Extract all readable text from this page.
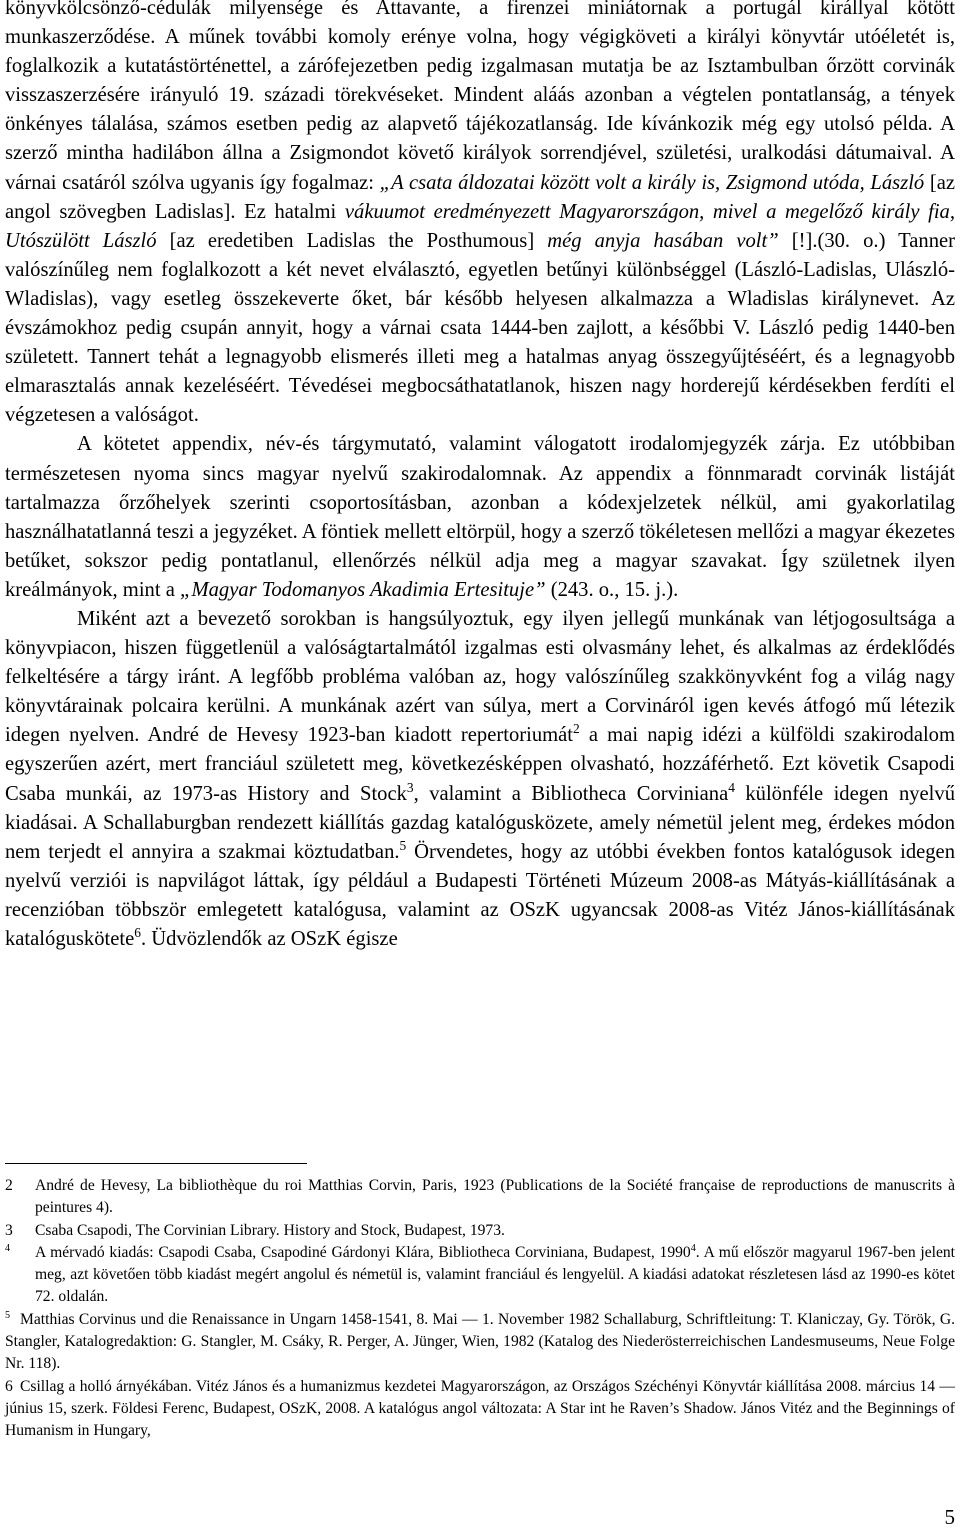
könyvkölcsönző-cédulák milyensége és Attavante, a firenzei miniátornak a portugál királlyal kötött munkaszerződése. A műnek további komoly erénye volna, hogy végigköveti a királyi könyvtár utóéletét is, foglalkozik a kutatástörténettel, a zárófejezetben pedig izgalmasan mutatja be az Isztambulban őrzött corvinák visszaszerzésére irányuló 19. századi törekvéseket. Mindent aláás azonban a végtelen pontatlanság, a tények önkényes tálalása, számos esetben pedig az alapvető tájékozatlanság. Ide kívánkozik még egy utolsó példa. A szerző mintha hadilábon állna a Zsigmondot követő királyok sorrendjével, születési, uralkodási dátumaival. A várnai csatáról szólva ugyanis így fogalmaz: „A csata áldozatai között volt a király is, Zsigmond utóda, László [az angol szövegben Ladislas]. Ez hatalmi vákuumot eredményezett Magyarországon, mivel a megelőző király fia, Utószülött László [az eredetiben Ladislas the Posthumous] még anyja hasában volt” [!].(30. o.) Tanner valószínűleg nem foglalkozott a két nevet elválasztó, egyetlen betűnyi különbséggel (László-Ladislas, Ulászló-Wladislas), vagy esetleg összekeverte őket, bár később helyesen alkalmazza a Wladislas királynevet. Az évszámokhoz pedig csupán annyit, hogy a várnai csata 1444-ben zajlott, a későbbi V. László pedig 1440-ben született. Tannert tehát a legnagyobb elismerés illeti meg a hatalmas anyag összegyűjtéséért, és a legnagyobb elmarasztalás annak kezeléséért. Tévedései megbocsáthatatlanok, hiszen nagy horderejű kérdésekben ferdíti el végzetesen a valóságot.

A kötetet appendix, név-és tárgymutató, valamint válogatott irodalomjegyzék zárja. Ez utóbbiban természetesen nyoma sincs magyar nyelvű szakirodalomnak. Az appendix a fönnmaradt corvinák listáját tartalmazza őrzőhelyek szerinti csoportosításban, azonban a kódexjelzetek nélkül, ami gyakorlatilag használhatatlanná teszi a jegyzéket. A föntiek mellett eltörpül, hogy a szerző tökéletesen mellőzi a magyar ékezetes betűket, sokszor pedig pontatlanul, ellenőrzés nélkül adja meg a magyar szavakat. Így születnek ilyen kreálmányok, mint a „Magyar Todomanyos Akadimia Ertesituje” (243. o., 15. j.).

Miként azt a bevezető sorokban is hangsúlyoztuk, egy ilyen jellegű munkának van létjogosultsága a könyvpiacon, hiszen függetlenül a valóságtartalmától izgalmas esti olvasmány lehet, és alkalmas az érdeklődés felkeltésére a tárgy iránt. A legfőbb probléma valóban az, hogy valószínűleg szakkönyvként fog a világ nagy könyvtárainak polcaira kerülni. A munkának azért van súlya, mert a Corvináról igen kevés átfogó mű létezik idegen nyelven. André de Hevesy 1923-ban kiadott repertoriumát$^2$ a mai napig idézi a külföldi szakirodalom egyszerűen azért, mert franciául született meg, következésképpen olvasható, hozzáférhető. Ezt követik Csapodi Csaba munkái, az 1973-as History and Stock$^3$, valamint a Bibliotheca Corviniana$^4$ különféle idegen nyelvű kiadásai. A Schallaburgban rendezett kiállítás gazdag katalógusközete, amely németül jelent meg, érdekes módon nem terjedt el annyira a szakmai köztudatban.$^5$ Örvendetes, hogy az utóbbi években fontos katalógusok idegen nyelvű verziói is napvilágot láttak, így például a Budapesti Történeti Múzeum 2008-as Mátyás-kiállításának a recenzióban többször emlegetett katalógusa, valamint az OSzK ugyancsak 2008-as Vitéz János-kiállításának katalóguskötete$^6$. Üdvözlendők az OSzK égisze

2 André de Hevesy, La bibliothèque du roi Matthias Corvin, Paris, 1923 (Publications de la Société française de reproductions de manuscrits à peintures 4).

3 Csaba Csapodi, The Corvinian Library. History and Stock, Budapest, 1973.

$^4$ A mérvadó kiadás: Csapodi Csaba, Csapodiné Gárdonyi Klára, Bibliotheca Corviniana, Budapest, 1990$^4$. A mű először magyarul 1967-ben jelent meg, azt követően több kiadást megért angolul és németül is, valamint franciául és lengyelül. A kiadási adatokat részletesen lásd az 1990-es kötet 72. oldalán.

$^5$ Matthias Corvinus und die Renaissance in Ungarn 1458-1541, 8. Mai — 1. November 1982 Schallaburg, Schriftleitung: T. Klaniczay, Gy. Török, G. Stangler, Katalogredaktion: G. Stangler, M. Csáky, R. Perger, A. Jünger, Wien, 1982 (Katalog des Niederösterreichischen Landesmuseums, Neue Folge Nr. 118).

6 Csillag a holló árnyékában. Vitéz János és a humanizmus kezdetei Magyarországon, az Országos Széchényi Könyvtár kiállítása 2008. március 14 — június 15, szerk. Földesi Ferenc, Budapest, OSzK, 2008. A katalógus angol változata: A Star int he Raven’s Shadow. János Vitéz and the Beginnings of Humanism in Hungary,

5
